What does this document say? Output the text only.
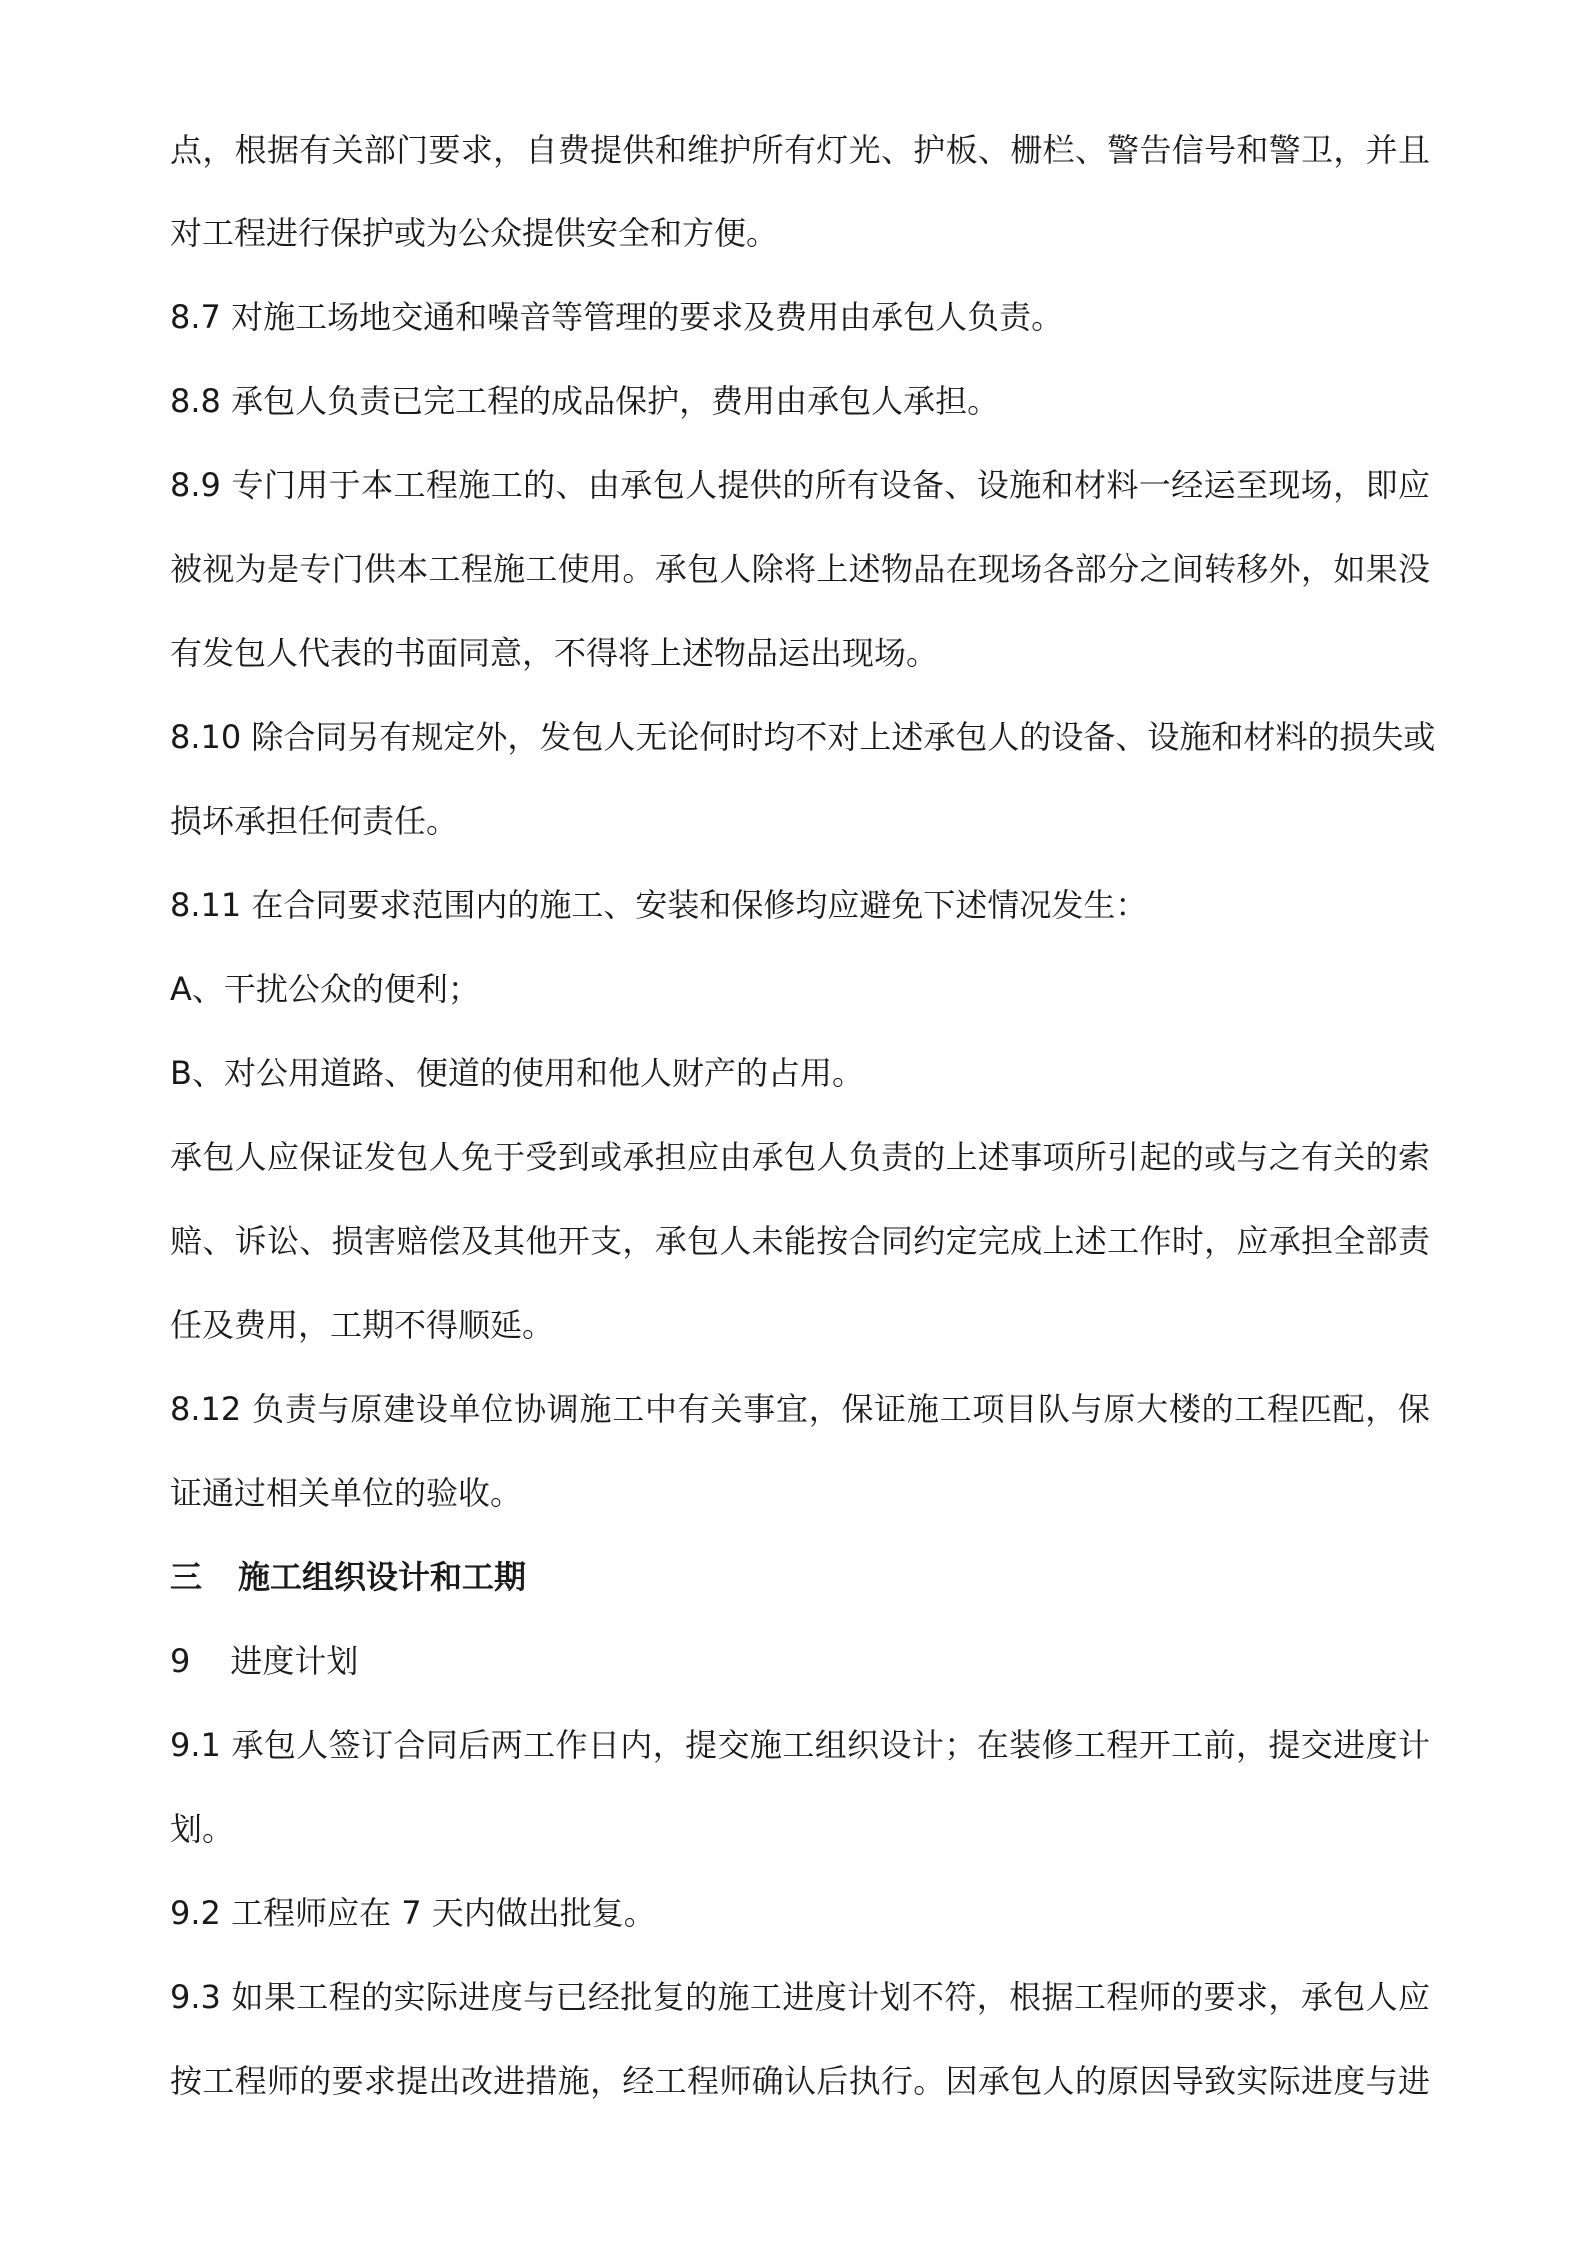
点，根据有关部门要求，自费提供和维护所有灯光、护板、栅栏、警告信号和警卫，并且

对工程进行保护或为公众提供安全和方便。

8.7 对施工场地交通和噪音等管理的要求及费用由承包人负责。

8.8 承包人负责已完工程的成品保护，费用由承包人承担。

8.9 专门用于本工程施工的、由承包人提供的所有设备、设施和材料一经运至现场，即应

被视为是专门供本工程施工使用。承包人除将上述物品在现场各部分之间转移外，如果没

有发包人代表的书面同意，不得将上述物品运出现场。

8.10 除合同另有规定外，发包人无论何时均不对上述承包人的设备、设施和材料的损失或

损坏承担任何责任。

8.11 在合同要求范围内的施工、安装和保修均应避免下述情况发生：

A、干扰公众的便利；

B、对公用道路、便道的使用和他人财产的占用。

承包人应保证发包人免于受到或承担应由承包人负责的上述事项所引起的或与之有关的索

赔、诉讼、损害赔偿及其他开支，承包人未能按合同约定完成上述工作时，应承担全部责

任及费用，工期不得顺延。

8.12 负责与原建设单位协调施工中有关事宜，保证施工项目队与原大楼的工程匹配，保

证通过相关单位的验收。

三 施工组织设计和工期

9 进度计划

9.1 承包人签订合同后两工作日内，提交施工组织设计；在装修工程开工前，提交进度计

划。

9.2 工程师应在 7 天内做出批复。

9.3 如果工程的实际进度与已经批复的施工进度计划不符，根据工程师的要求，承包人应

按工程师的要求提出改进措施，经工程师确认后执行。因承包人的原因导致实际进度与进
